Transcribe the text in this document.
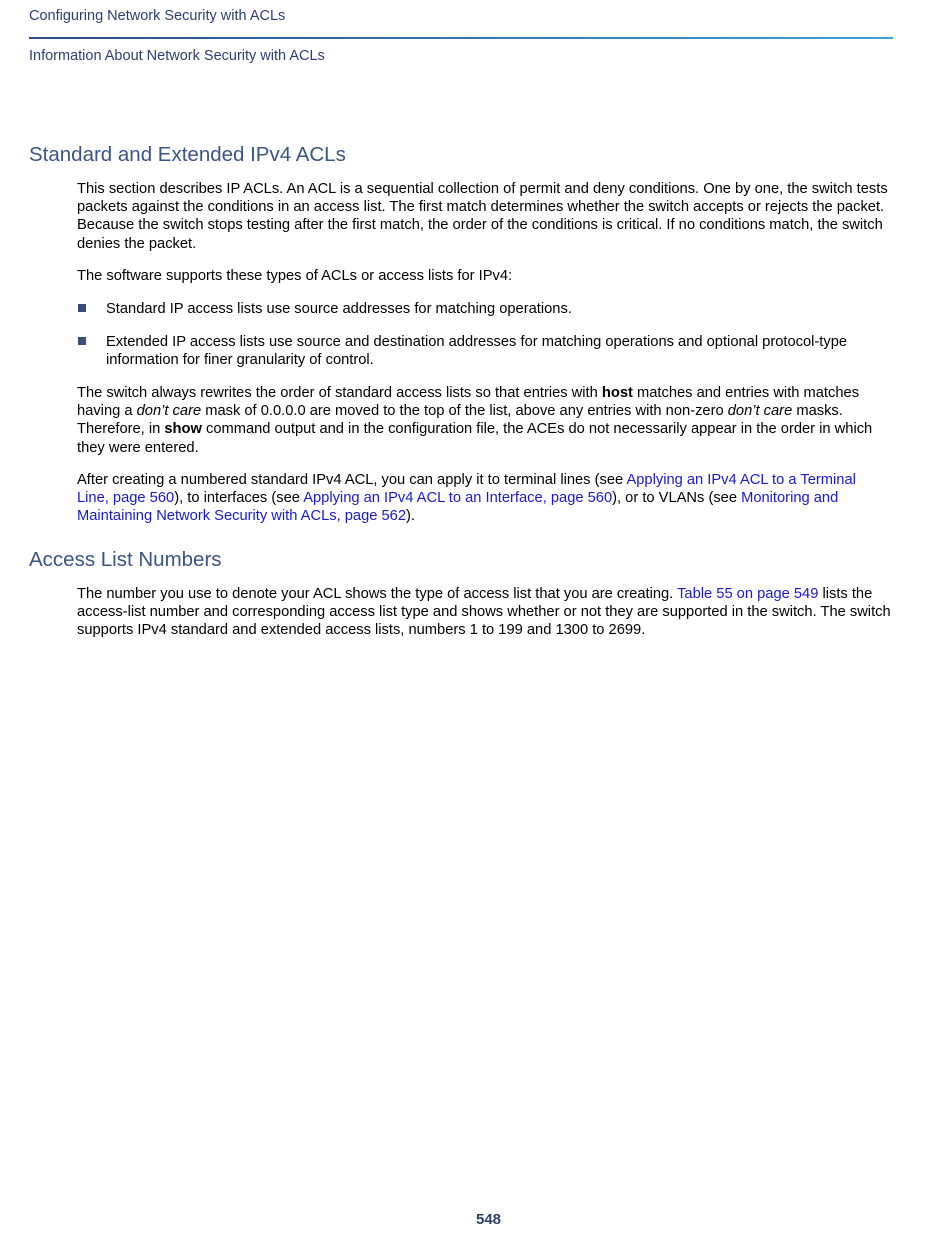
Configuring Network Security with ACLs
Information About Network Security with ACLs
Standard and Extended IPv4 ACLs

This section describes IP ACLs. An ACL is a sequential collection of permit and deny conditions. One by one, the switch tests packets against the conditions in an access list. The first match determines whether the switch accepts or rejects the packet. Because the switch stops testing after the first match, the order of the conditions is critical. If no conditions match, the switch denies the packet.

The software supports these types of ACLs or access lists for IPv4:

Standard IP access lists use source addresses for matching operations.

Extended IP access lists use source and destination addresses for matching operations and optional protocol-type information for finer granularity of control.

The switch always rewrites the order of standard access lists so that entries with host matches and entries with matches having a don’t care mask of 0.0.0.0 are moved to the top of the list, above any entries with non-zero don’t care masks. Therefore, in show command output and in the configuration file, the ACEs do not necessarily appear in the order in which they were entered.

After creating a numbered standard IPv4 ACL, you can apply it to terminal lines (see Applying an IPv4 ACL to a Terminal Line, page 560), to interfaces (see Applying an IPv4 ACL to an Interface, page 560), or to VLANs (see Monitoring and Maintaining Network Security with ACLs, page 562).

Access List Numbers

The number you use to denote your ACL shows the type of access list that you are creating. Table 55 on page 549 lists the access-list number and corresponding access list type and shows whether or not they are supported in the switch. The switch supports IPv4 standard and extended access lists, numbers 1 to 199 and 1300 to 2699.

548
